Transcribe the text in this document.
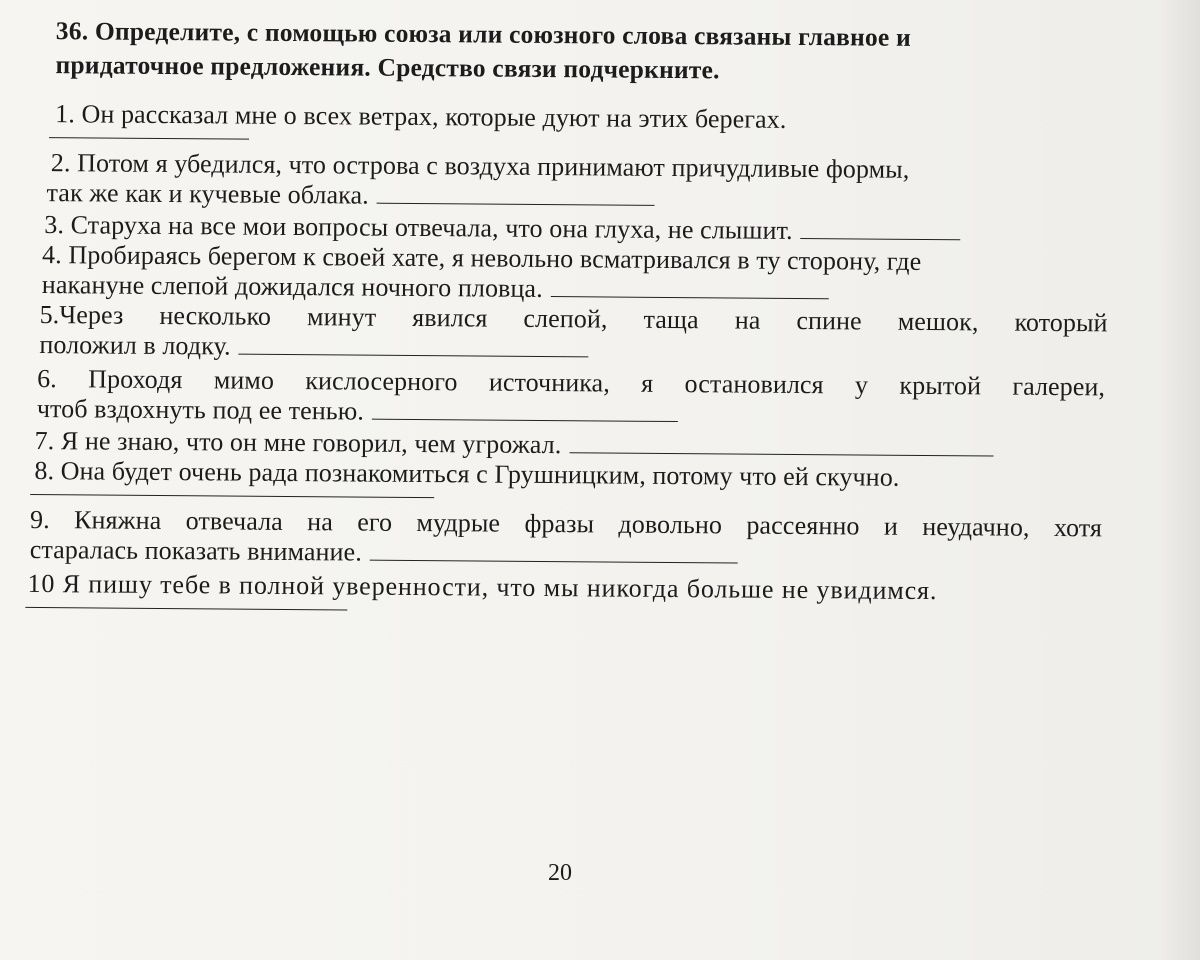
36. Определите, с помощью союза или союзного слова связаны главное и
придаточное предложения. Средство связи подчеркните.
1. Он рассказал мне о всех ветрах, которые дуют на этих берегах.
2. Потом я убедился, что острова с воздуха принимают причудливые формы,
так же как и кучевые облака.
3. Старуха на все мои вопросы отвечала, что она глуха, не слышит.
4. Пробираясь берегом к своей хате, я невольно всматривался в ту сторону, где
накануне слепой дожидался ночного пловца.
5.Через несколько минут явился слепой, таща на спине мешок, который
положил в лодку.
6. Проходя мимо кислосерного источника, я остановился у крытой галереи,
чтоб вздохнуть под ее тенью.
7. Я не знаю, что он мне говорил, чем угрожал.
8. Она будет очень рада познакомиться с Грушницким, потому что ей скучно.
9. Княжна отвечала на его мудрые фразы довольно рассеянно и неудачно, хотя
старалась показать внимание.
10 Я пишу тебе в полной уверенности, что мы никогда больше не увидимся.
20
